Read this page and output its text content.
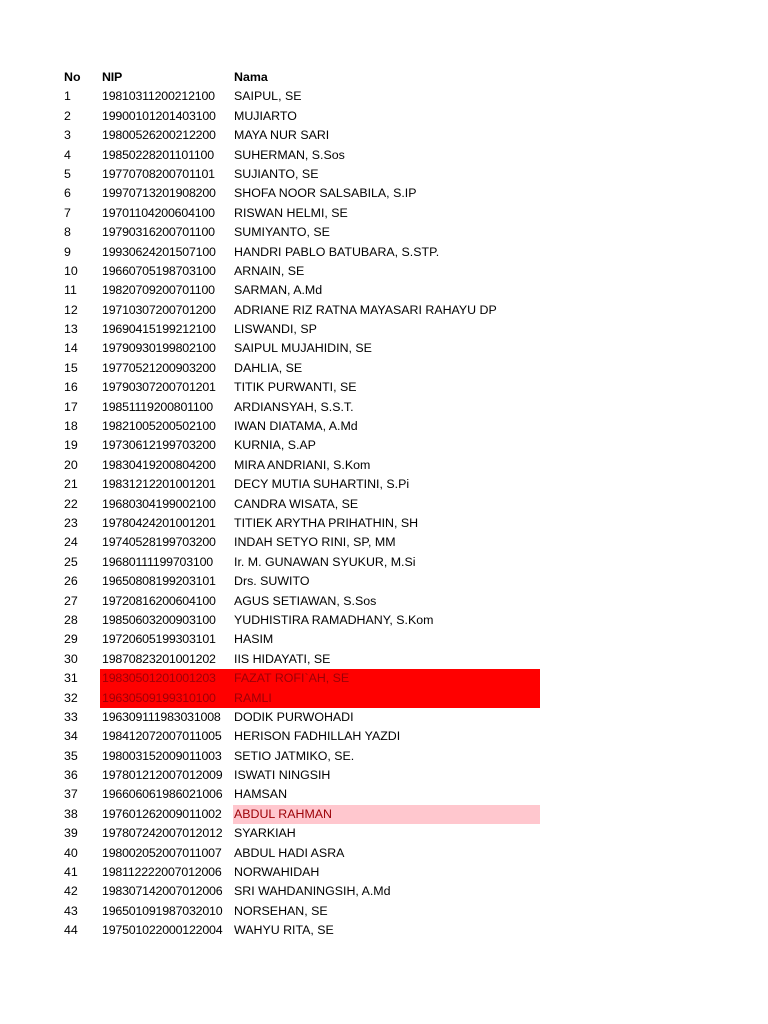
No	NIP	Nama
1	19810311200212100	SAIPUL, SE
2	19900101201403100	MUJIARTO
3	19800526200212200	MAYA NUR SARI
4	19850228201101100	SUHERMAN, S.Sos
5	19770708200701101	SUJIANTO, SE
6	19970713201908200	SHOFA NOOR SALSABILA, S.IP
7	19701104200604100	RISWAN HELMI, SE
8	19790316200701100	SUMIYANTO, SE
9	19930624201507100	HANDRI PABLO BATUBARA, S.STP.
10	19660705198703100	ARNAIN, SE
11	19820709200701100	SARMAN, A.Md
12	19710307200701200	ADRIANE RIZ RATNA MAYASARI RAHAYU DP
13	19690415199212100	LISWANDI, SP
14	19790930199802100	SAIPUL MUJAHIDIN, SE
15	19770521200903200	DAHLIA, SE
16	19790307200701201	TITIK PURWANTI, SE
17	19851119200801100	ARDIANSYAH, S.S.T.
18	19821005200502100	IWAN DIATAMA, A.Md
19	19730612199703200	KURNIA, S.AP
20	19830419200804200	MIRA ANDRIANI, S.Kom
21	19831212201001201	DECY MUTIA SUHARTINI, S.Pi
22	19680304199002100	CANDRA WISATA, SE
23	19780424201001201	TITIEK ARYTHA PRIHATHIN, SH
24	19740528199703200	INDAH SETYO RINI, SP, MM
25	19680111199703100	Ir. M. GUNAWAN SYUKUR, M.Si
26	19650808199203101	Drs. SUWITO
27	19720816200604100	AGUS SETIAWAN, S.Sos
28	19850603200903100	YUDHISTIRA RAMADHANY, S.Kom
29	19720605199303101	HASIM
30	19870823201001202	IIS HIDAYATI, SE
31	19830501201001203	FAZAT ROFI`AH, SE
32	19630509199310100	RAMLI
33	196309111983031008	DODIK PURWOHADI
34	198412072007011005	HERISON FADHILLAH YAZDI
35	198003152009011003	SETIO JATMIKO, SE.
36	197801212007012009 ISWATI NINGSIH
37	196606061986021006 HAMSAN
38	197601262009011002	ABDUL RAHMAN
39	197807242007012012 SYARKIAH
40	198002052007011007	ABDUL HADI ASRA
41	198112222007012006	NORWAHIDAH
42	198307142007012006 SRI WAHDANINGSIH, A.Md
43	196501091987032010 NORSEHAN, SE
44	197501022000122004 WAHYU RITA, SE
